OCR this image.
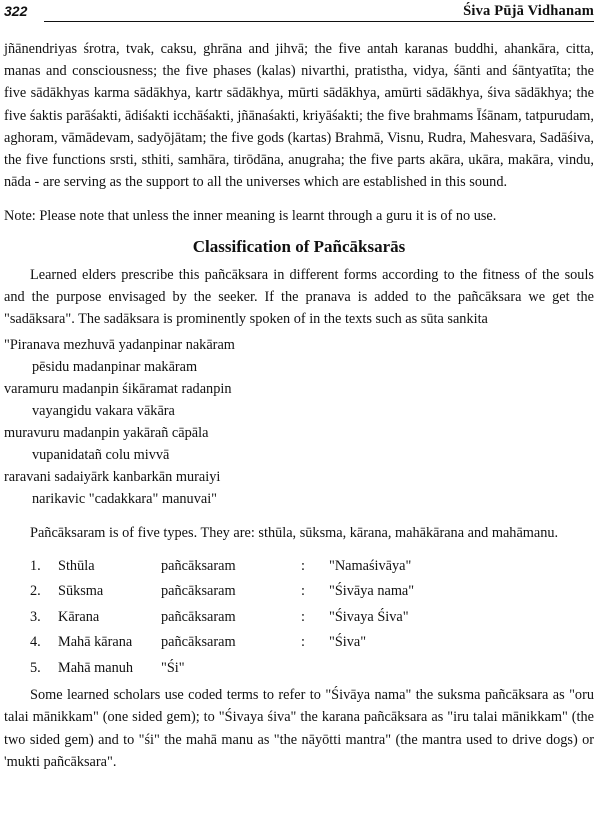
322	Śiva Pūjā Vidhanam

jñānendriyas śrotra, tvak, caksu, ghrāna and jihvā; the five antah karanas buddhi, ahankāra, citta, manas and consciousness; the five phases (kalas) nivarthi, pratistha, vidya, śānti and śāntyatīta; the five sādākhyas karma sādākhya, kartr sādākhya, mūrti sādākhya, amūrti sādākhya, śiva sādākhya; the five śaktis parāśakti, ādiśakti icchāśakti, jñānaśakti, kriyāśakti; the five brahmams Īśānam, tatpurudam, aghoram, vāmādevam, sadyōjātam; the five gods (kartas) Brahmā, Visnu, Rudra, Mahesvara, Sadāśiva, the five functions srsti, sthiti, samhāra, tirōdāna, anugraha; the five parts akāra, ukāra, makāra, vindu, nāda - are serving as the support to all the universes which are established in this sound.

Note: Please note that unless the inner meaning is learnt through a guru it is of no use.

Classification of Pañcāksarās

Learned elders prescribe this pañcāksara in different forms according to the fitness of the souls and the purpose envisaged by the seeker. If the pranava is added to the pañcāksara we get the "sadāksara". The sadāksara is prominently spoken of in the texts such as sūta sankita

"Piranava mezhuvā yadanpinar nakāram
pēsidu madanpinar makāram
varamuru madanpin śikāramat radanpin
vayangidu vakara vākāra
muravuru madanpin yakārañ cāpāla
vupanidatañ colu mivvā
raravani sadaiyārk kanbarkān muraiyi
narikavic "cadakkara" manuvai"

Pañcāksaram is of five types. They are: sthūla, sūksma, kārana, mahākārana and mahāmanu.

1. Sthūla	pañcāksaram	: "Namaśivāya"
2. Sūksma	pañcāksaram	: "Śivāya nama"
3. Kārana	pañcāksaram	: "Śivaya Śiva"
4. Mahā kārana pañcāksaram	: "Śiva"
5. Mahā manuh "Śi"

Some learned scholars use coded terms to refer to "Śivāya nama" the suksma pañcāksara as "oru talai mānikkam" (one sided gem); to "Śivaya śiva" the karana pañcāksara as "iru talai mānikkam" (the two sided gem) and to "śi" the mahā manu as "the nāyōtti mantra" (the mantra used to drive dogs) or 'mukti pañcāksara".
